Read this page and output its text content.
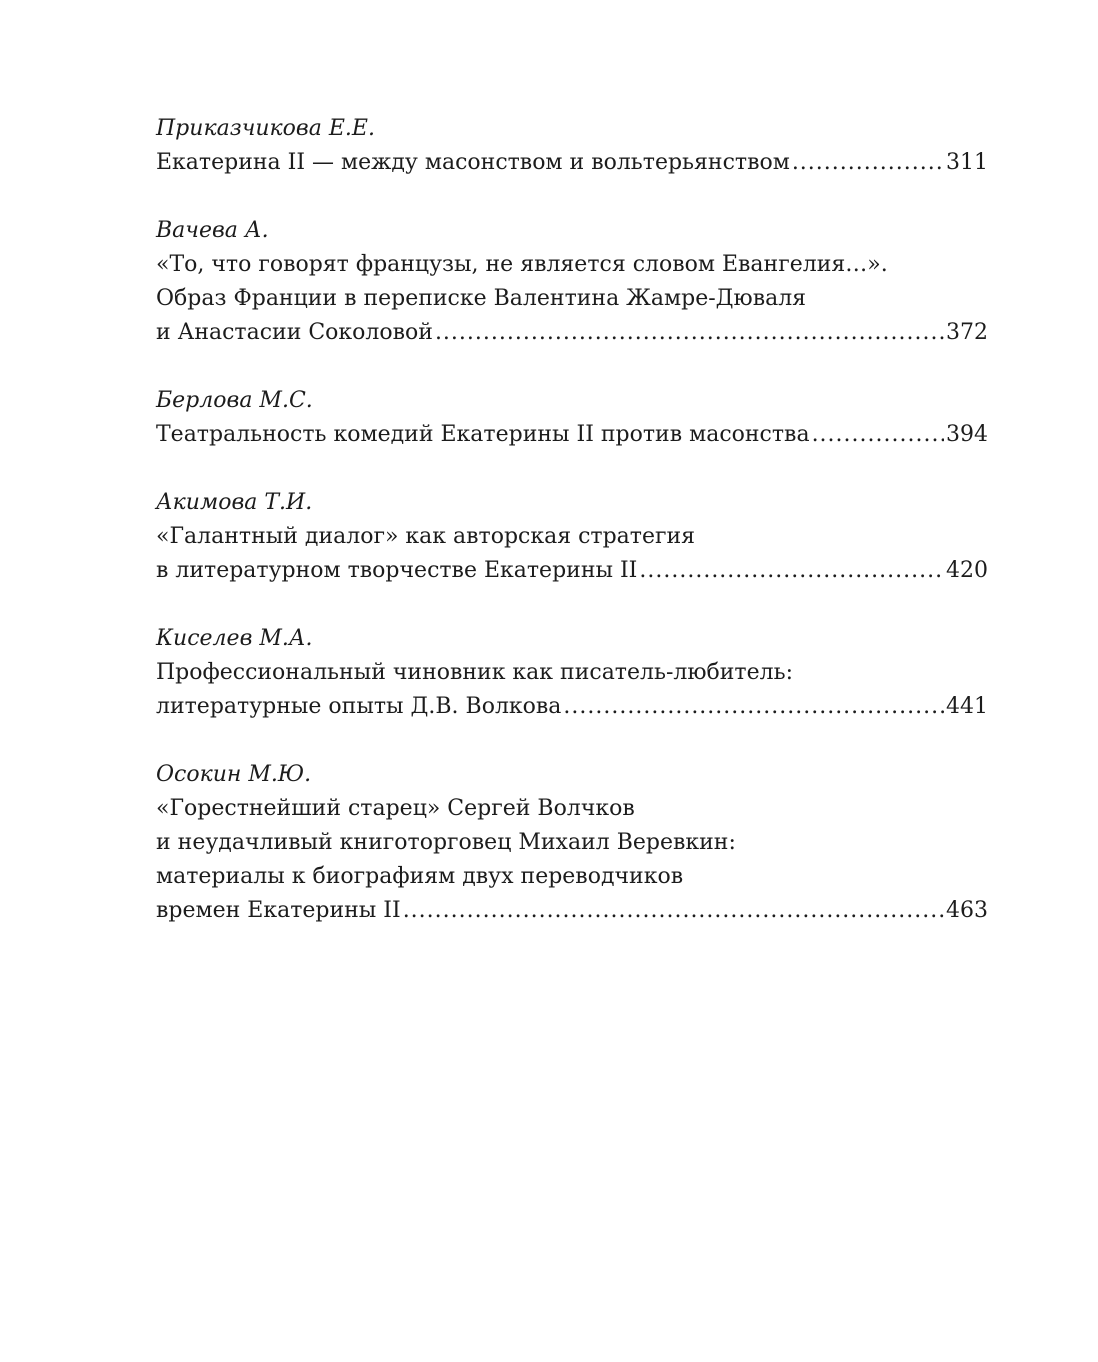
Приказчикова Е.Е.
Екатерина II — между масонством и вольтерьянством .....	311
Вачева А.
«То, что говорят французы, не является словом Евангелия…».
Образ Франции в переписке Валентина Жамре-Дюваля
и Анастасии Соколовой .....	372
Берлова М.С.
Театральность комедий Екатерины II против масонства .....	394
Акимова Т.И.
«Галантный диалог» как авторская стратегия
в литературном творчестве Екатерины II .....	420
Киселев М.А.
Профессиональный чиновник как писатель-любитель:
литературные опыты Д.В. Волкова .....	441
Осокин М.Ю.
«Горестнейший старец» Сергей Волчков
и неудачливый книготорговец Михаил Веревкин:
материалы к биографиям двух переводчиков
времен Екатерины II .....	463
